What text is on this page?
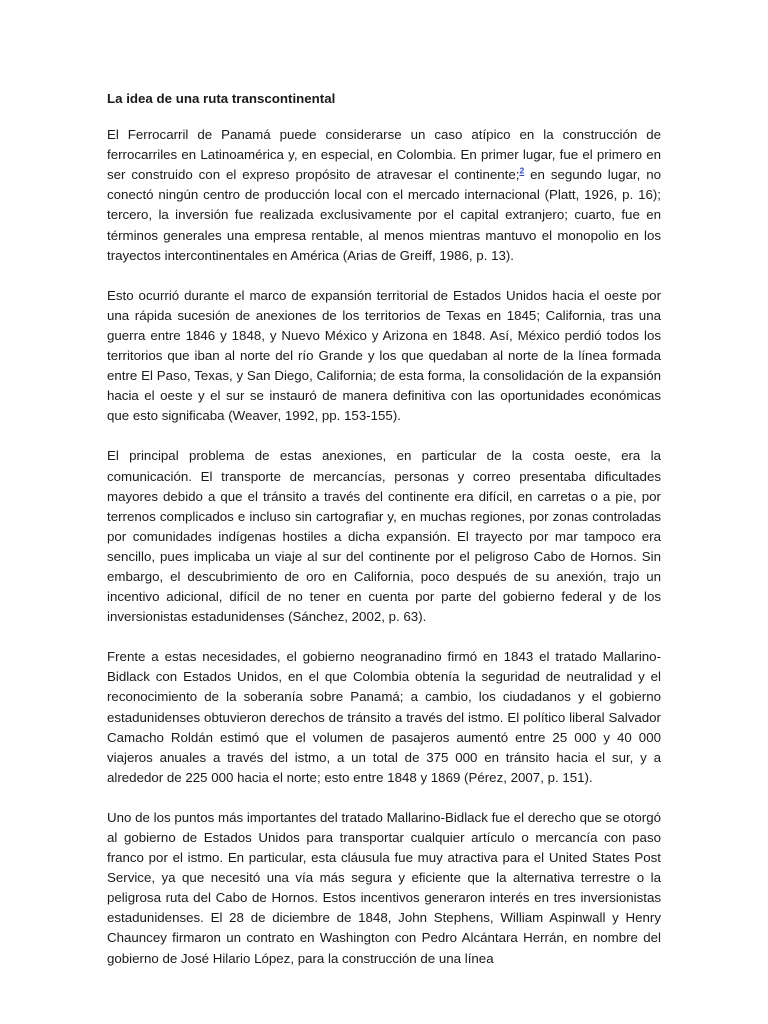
La idea de una ruta transcontinental

El Ferrocarril de Panamá puede considerarse un caso atípico en la construcción de ferrocarriles en Latinoamérica y, en especial, en Colombia. En primer lugar, fue el primero en ser construido con el expreso propósito de atravesar el continente;$^2$ en segundo lugar, no conectó ningún centro de producción local con el mercado internacional (Platt, 1926, p. 16); tercero, la inversión fue realizada exclusivamente por el capital extranjero; cuarto, fue en términos generales una empresa rentable, al menos mientras mantuvo el monopolio en los trayectos intercontinentales en América (Arias de Greiff, 1986, p. 13).

Esto ocurrió durante el marco de expansión territorial de Estados Unidos hacia el oeste por una rápida sucesión de anexiones de los territorios de Texas en 1845; California, tras una guerra entre 1846 y 1848, y Nuevo México y Arizona en 1848. Así, México perdió todos los territorios que iban al norte del río Grande y los que quedaban al norte de la línea formada entre El Paso, Texas, y San Diego, California; de esta forma, la consolidación de la expansión hacia el oeste y el sur se instauró de manera definitiva con las oportunidades económicas que esto significaba (Weaver, 1992, pp. 153-155).

El principal problema de estas anexiones, en particular de la costa oeste, era la comunicación. El transporte de mercancías, personas y correo presentaba dificultades mayores debido a que el tránsito a través del continente era difícil, en carretas o a pie, por terrenos complicados e incluso sin cartografiar y, en muchas regiones, por zonas controladas por comunidades indígenas hostiles a dicha expansión. El trayecto por mar tampoco era sencillo, pues implicaba un viaje al sur del continente por el peligroso Cabo de Hornos. Sin embargo, el descubrimiento de oro en California, poco después de su anexión, trajo un incentivo adicional, difícil de no tener en cuenta por parte del gobierno federal y de los inversionistas estadunidenses (Sánchez, 2002, p. 63).

Frente a estas necesidades, el gobierno neogranadino firmó en 1843 el tratado Mallarino-Bidlack con Estados Unidos, en el que Colombia obtenía la seguridad de neutralidad y el reconocimiento de la soberanía sobre Panamá; a cambio, los ciudadanos y el gobierno estadunidenses obtuvieron derechos de tránsito a través del istmo. El político liberal Salvador Camacho Roldán estimó que el volumen de pasajeros aumentó entre 25 000 y 40 000 viajeros anuales a través del istmo, a un total de 375 000 en tránsito hacia el sur, y a alrededor de 225 000 hacia el norte; esto entre 1848 y 1869 (Pérez, 2007, p. 151).

Uno de los puntos más importantes del tratado Mallarino-Bidlack fue el derecho que se otorgó al gobierno de Estados Unidos para transportar cualquier artículo o mercancía con paso franco por el istmo. En particular, esta cláusula fue muy atractiva para el United States Post Service, ya que necesitó una vía más segura y eficiente que la alternativa terrestre o la peligrosa ruta del Cabo de Hornos. Estos incentivos generaron interés en tres inversionistas estadunidenses. El 28 de diciembre de 1848, John Stephens, William Aspinwall y Henry Chauncey firmaron un contrato en Washington con Pedro Alcántara Herrán, en nombre del gobierno de José Hilario López, para la construcción de una línea
